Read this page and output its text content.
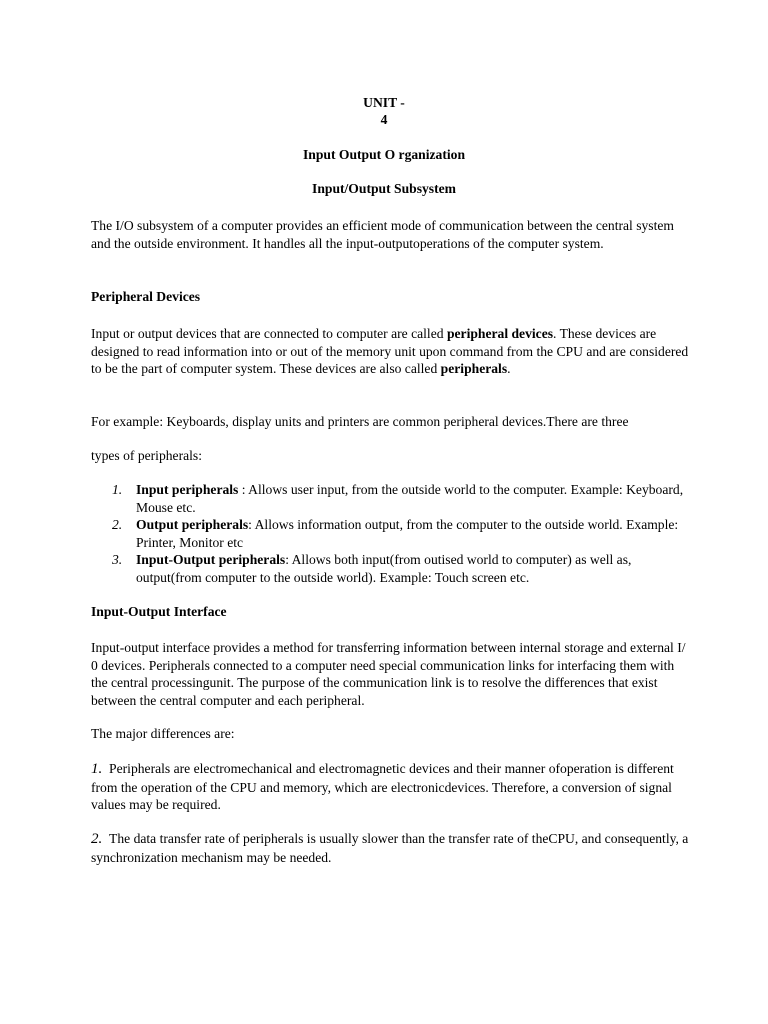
UNIT -
4
Input Output O rganization
Input/Output Subsystem
The I/O subsystem of a computer provides an efficient mode of communication between the central system and the outside environment. It handles all the input-outputoperations of the computer system.
Peripheral Devices
Input or output devices that are connected to computer are called peripheral devices. These devices are designed to read information into or out of the memory unit upon command from the CPU and are considered to be the part of computer system. These devices are also called peripherals.
For example: Keyboards, display units and printers are common peripheral devices.There are three
types of peripherals:
1. Input peripherals : Allows user input, from the outside world to the computer. Example: Keyboard, Mouse etc.
2. Output peripherals: Allows information output, from the computer to the outside world. Example: Printer, Monitor etc
3. Input-Output peripherals: Allows both input(from outised world to computer) as well as, output(from computer to the outside world). Example: Touch screen etc.
Input-Output Interface
Input-output interface provides a method for transferring information between internal storage and external I/ 0 devices. Peripherals connected to a computer need special communication links for interfacing them with the central processingunit. The purpose of the communication link is to resolve the differences that exist between the central computer and each peripheral.
The major differences are:
1. Peripherals are electromechanical and electromagnetic devices and their manner ofoperation is different from the operation of the CPU and memory, which are electronicdevices. Therefore, a conversion of signal values may be required.
2. The data transfer rate of peripherals is usually slower than the transfer rate of theCPU, and consequently, a synchronization mechanism may be needed.
